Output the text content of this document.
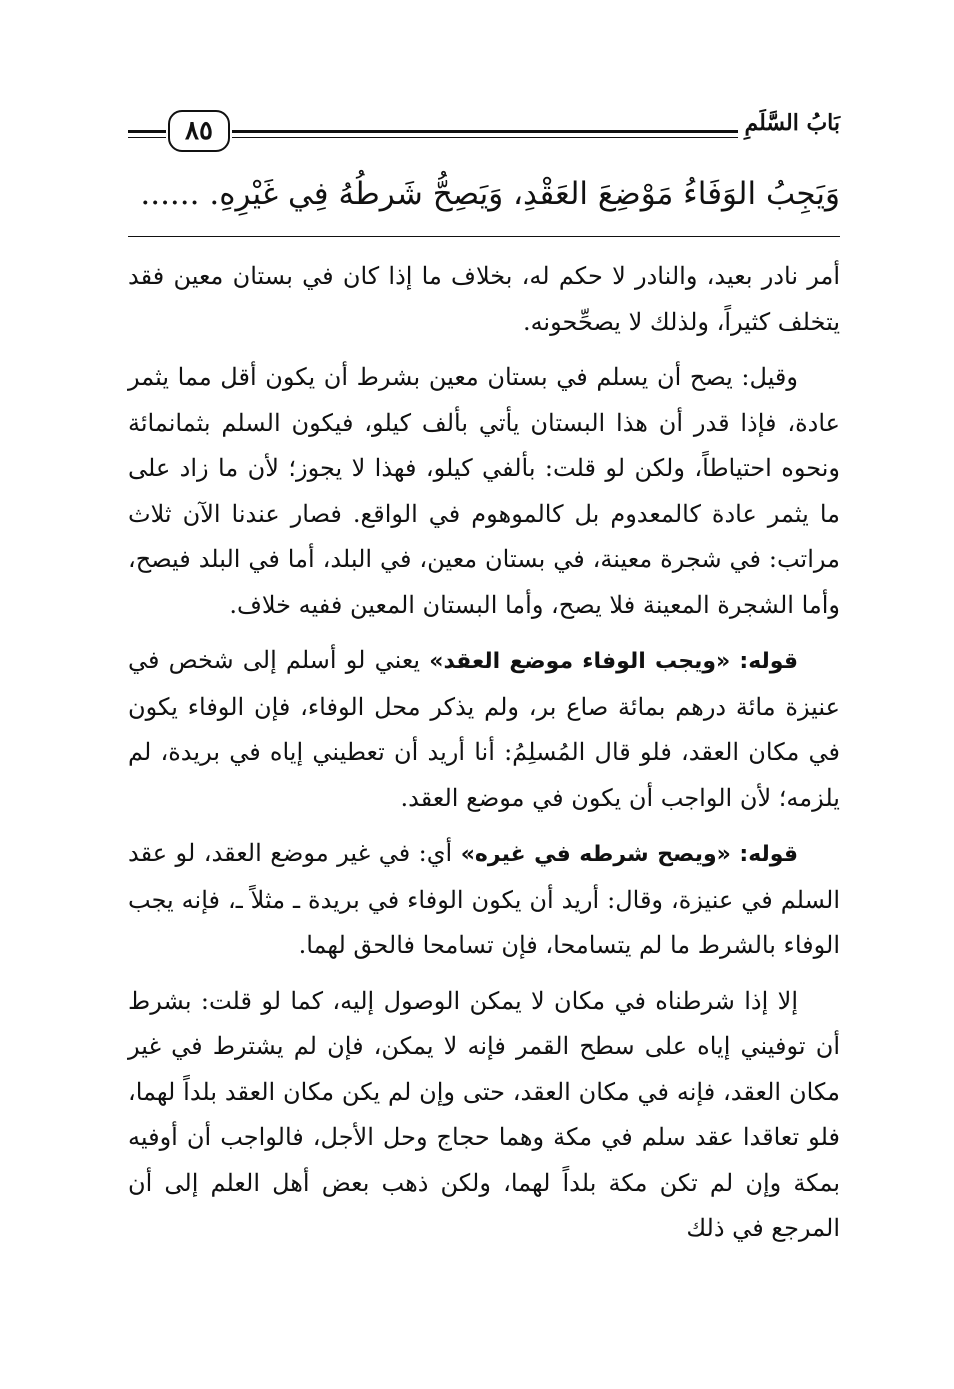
٨٥	بَابُ السَّلَمِ
وَيَجِبُ الوَفَاءُ مَوْضِعَ العَقْدِ، وَيَصِحُّ شَرطُهُ فِي غَيْرِهِ. ......

أمر نادر بعيد، والنادر لا حكم له، بخلاف ما إذا كان في بستان معين فقد يتخلف كثيراً، ولذلك لا يصحِّحونه.

وقيل: يصح أن يسلم في بستان معين بشرط أن يكون أقل مما يثمر عادة، فإذا قدر أن هذا البستان يأتي بألف كيلو، فيكون السلم بثمانمائة ونحوه احتياطاً، ولكن لو قلت: بألفي كيلو، فهذا لا يجوز؛ لأن ما زاد على ما يثمر عادة كالمعدوم بل كالموهوم في الواقع. فصار عندنا الآن ثلاث مراتب: في شجرة معينة، في بستان معين، في البلد، أما في البلد فيصح، وأما الشجرة المعينة فلا يصح، وأما البستان المعين ففيه خلاف.

قوله: «ويجب الوفاء موضع العقد» يعني لو أسلم إلى شخص في عنيزة مائة درهم بمائة صاع بر، ولم يذكر محل الوفاء، فإن الوفاء يكون في مكان العقد، فلو قال المُسلِمُ: أنا أريد أن تعطيني إياه في بريدة، لم يلزمه؛ لأن الواجب أن يكون في موضع العقد.

قوله: «ويصح شرطه في غيره» أي: في غير موضع العقد، لو عقد السلم في عنيزة، وقال: أريد أن يكون الوفاء في بريدة ـ مثلاً ـ، فإنه يجب الوفاء بالشرط ما لم يتسامحا، فإن تسامحا فالحق لهما.

إلا إذا شرطناه في مكان لا يمكن الوصول إليه، كما لو قلت: بشرط أن توفيني إياه على سطح القمر فإنه لا يمكن، فإن لم يشترط في غير مكان العقد، فإنه في مكان العقد، حتى وإن لم يكن مكان العقد بلداً لهما، فلو تعاقدا عقد سلم في مكة وهما حجاج وحل الأجل، فالواجب أن أوفيه بمكة وإن لم تكن مكة بلداً لهما، ولكن ذهب بعض أهل العلم إلى أن المرجع في ذلك
